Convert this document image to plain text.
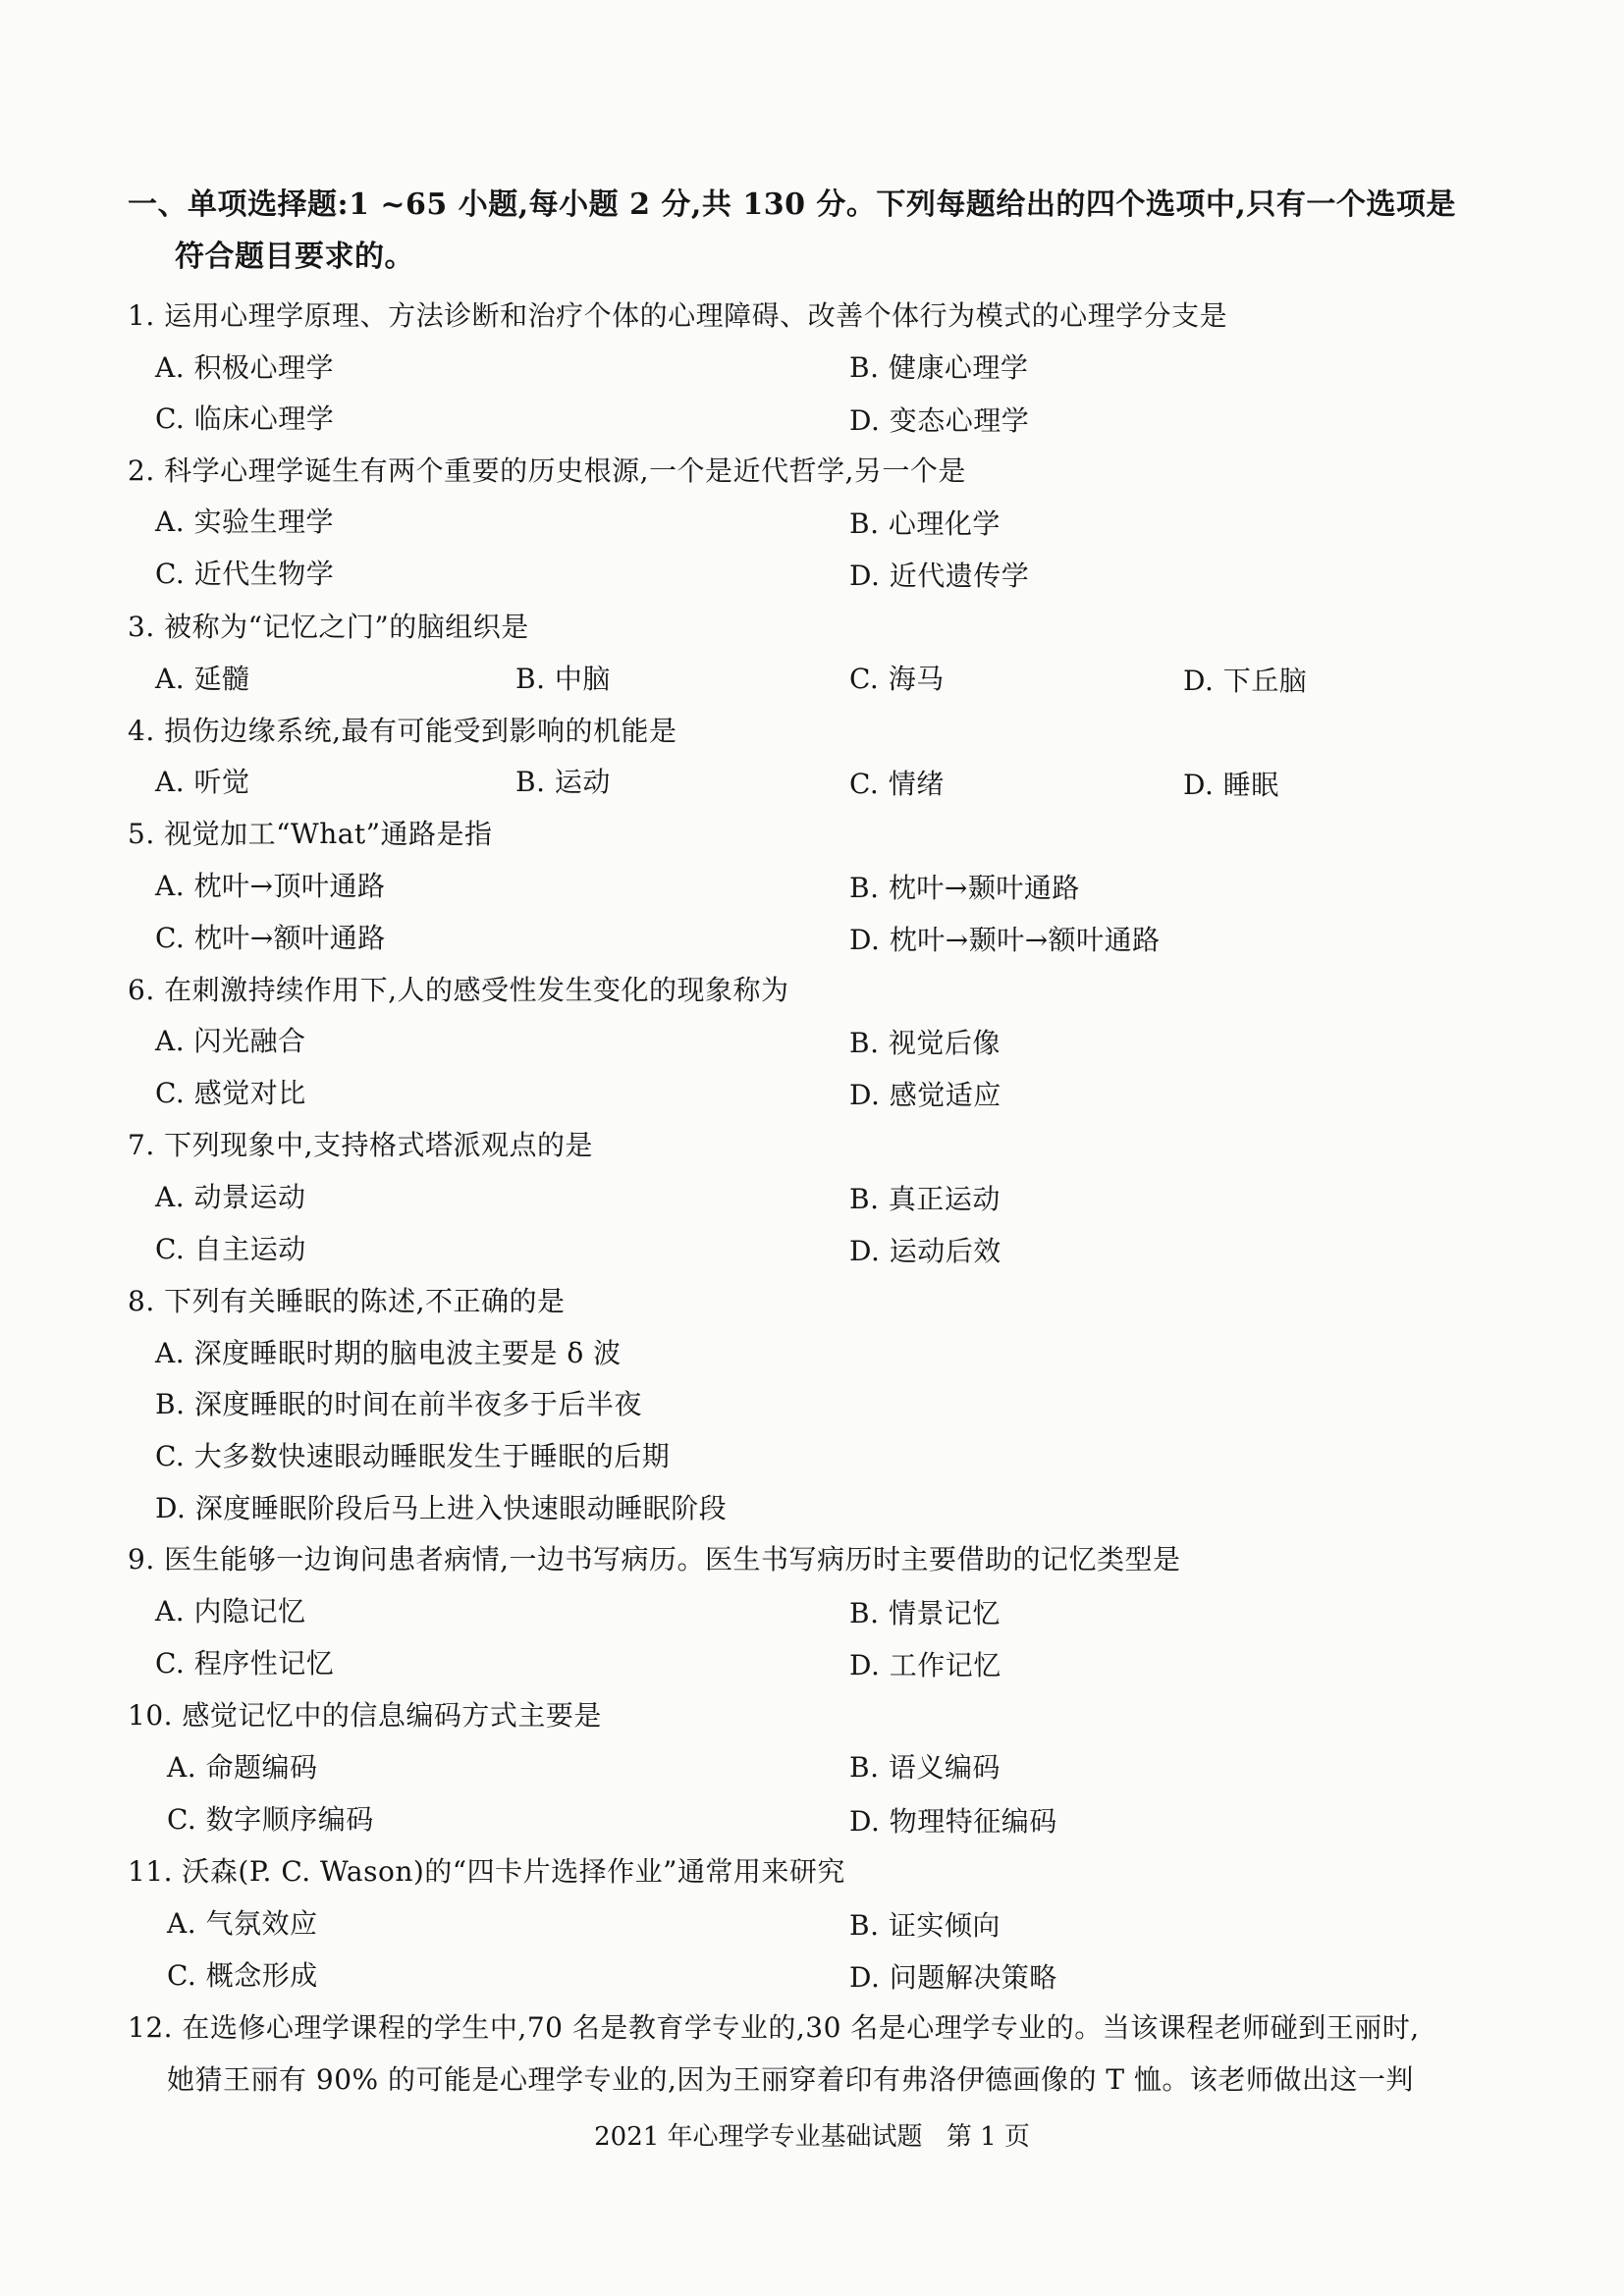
一、单项选择题:1 ~65 小题,每小题 2 分,共 130 分。下列每题给出的四个选项中,只有一个选项是
符合题目要求的。
1. 运用心理学原理、方法诊断和治疗个体的心理障碍、改善个体行为模式的心理学分支是
A. 积极心理学	B. 健康心理学
C. 临床心理学	D. 变态心理学
2. 科学心理学诞生有两个重要的历史根源,一个是近代哲学,另一个是
A. 实验生理学	B. 心理化学
C. 近代生物学	D. 近代遗传学
3. 被称为“记忆之门”的脑组织是
A. 延髓	B. 中脑	C. 海马	D. 下丘脑
4. 损伤边缘系统,最有可能受到影响的机能是
A. 听觉	B. 运动	C. 情绪	D. 睡眠
5. 视觉加工“What”通路是指
A. 枕叶→顶叶通路	B. 枕叶→颞叶通路
C. 枕叶→额叶通路	D. 枕叶→颞叶→额叶通路
6. 在刺激持续作用下,人的感受性发生变化的现象称为
A. 闪光融合	B. 视觉后像
C. 感觉对比	D. 感觉适应
7. 下列现象中,支持格式塔派观点的是
A. 动景运动	B. 真正运动
C. 自主运动	D. 运动后效
8. 下列有关睡眠的陈述,不正确的是
A. 深度睡眠时期的脑电波主要是 δ 波
B. 深度睡眠的时间在前半夜多于后半夜
C. 大多数快速眼动睡眠发生于睡眠的后期
D. 深度睡眠阶段后马上进入快速眼动睡眠阶段
9. 医生能够一边询问患者病情,一边书写病历。医生书写病历时主要借助的记忆类型是
A. 内隐记忆	B. 情景记忆
C. 程序性记忆	D. 工作记忆
10. 感觉记忆中的信息编码方式主要是
A. 命题编码	B. 语义编码
C. 数字顺序编码	D. 物理特征编码
11. 沃森(P. C. Wason)的“四卡片选择作业”通常用来研究
A. 气氛效应	B. 证实倾向
C. 概念形成	D. 问题解决策略
12. 在选修心理学课程的学生中,70 名是教育学专业的,30 名是心理学专业的。当该课程老师碰到王丽时,
她猜王丽有 90% 的可能是心理学专业的,因为王丽穿着印有弗洛伊德画像的 T 恤。该老师做出这一判
2021 年心理学专业基础试题 第 1 页
